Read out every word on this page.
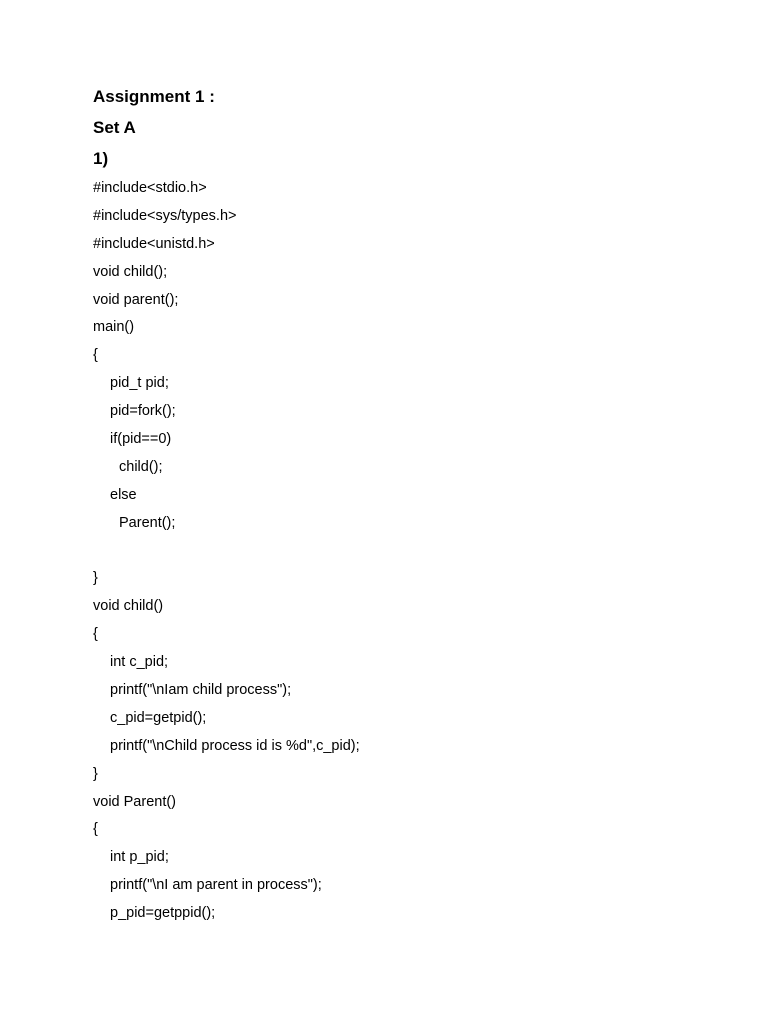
Assignment 1 :

Set A

1)

#include<stdio.h>
#include<sys/types.h>
#include<unistd.h>
void child();
void parent();
main()
{
pid_t pid;
pid=fork();
if(pid==0)
child();
else
Parent();
}
void child()
{
int c_pid;
printf("\nIam child process");
c_pid=getpid();
printf("\nChild process id is %d",c_pid);
}
void Parent()
{
int p_pid;
printf("\nI am parent in process");
p_pid=getppid();
